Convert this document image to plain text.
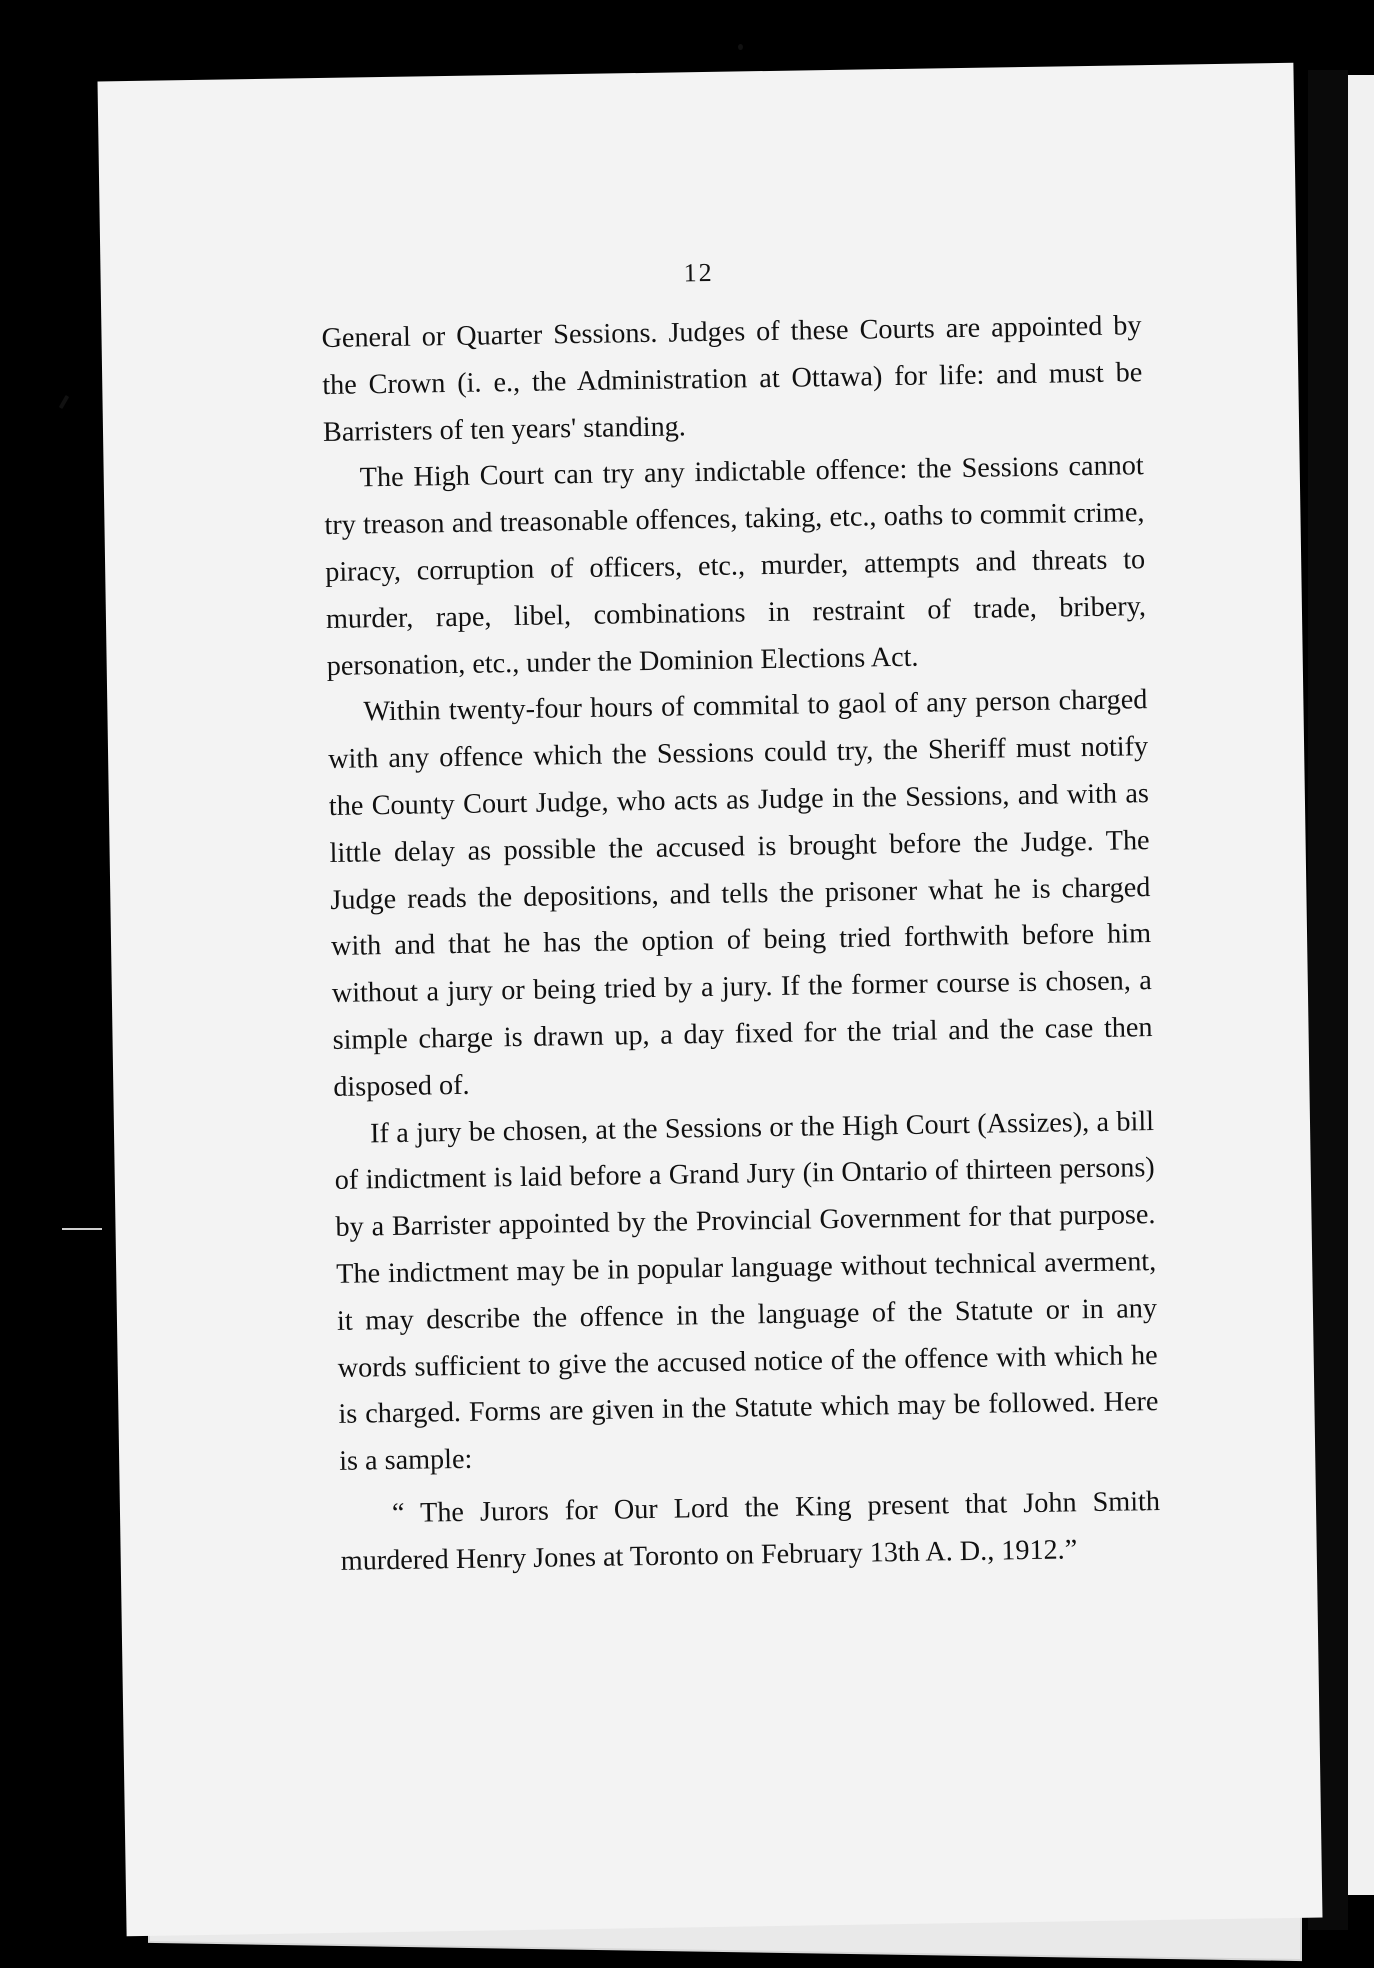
12

General or Quarter Sessions. Judges of these Courts are appointed by the Crown (i. e., the Administration at Ottawa) for life: and must be Barristers of ten years' standing.

The High Court can try any indictable offence: the Sessions cannot try treason and treasonable offences, taking, etc., oaths to commit crime, piracy, corruption of officers, etc., murder, attempts and threats to murder, rape, libel, combinations in restraint of trade, bribery, personation, etc., under the Dominion Elections Act.

Within twenty-four hours of commital to gaol of any person charged with any offence which the Sessions could try, the Sheriff must notify the County Court Judge, who acts as Judge in the Sessions, and with as little delay as possible the accused is brought before the Judge. The Judge reads the depositions, and tells the prisoner what he is charged with and that he has the option of being tried forthwith before him without a jury or being tried by a jury. If the former course is chosen, a simple charge is drawn up, a day fixed for the trial and the case then disposed of.

If a jury be chosen, at the Sessions or the High Court (Assizes), a bill of indictment is laid before a Grand Jury (in Ontario of thirteen persons) by a Barrister appointed by the Provincial Government for that purpose. The indictment may be in popular language without technical averment, it may describe the offence in the language of the Statute or in any words sufficient to give the accused notice of the offence with which he is charged. Forms are given in the Statute which may be followed. Here is a sample:

“ The Jurors for Our Lord the King present that John Smith murdered Henry Jones at Toronto on February 13th A. D., 1912.”
